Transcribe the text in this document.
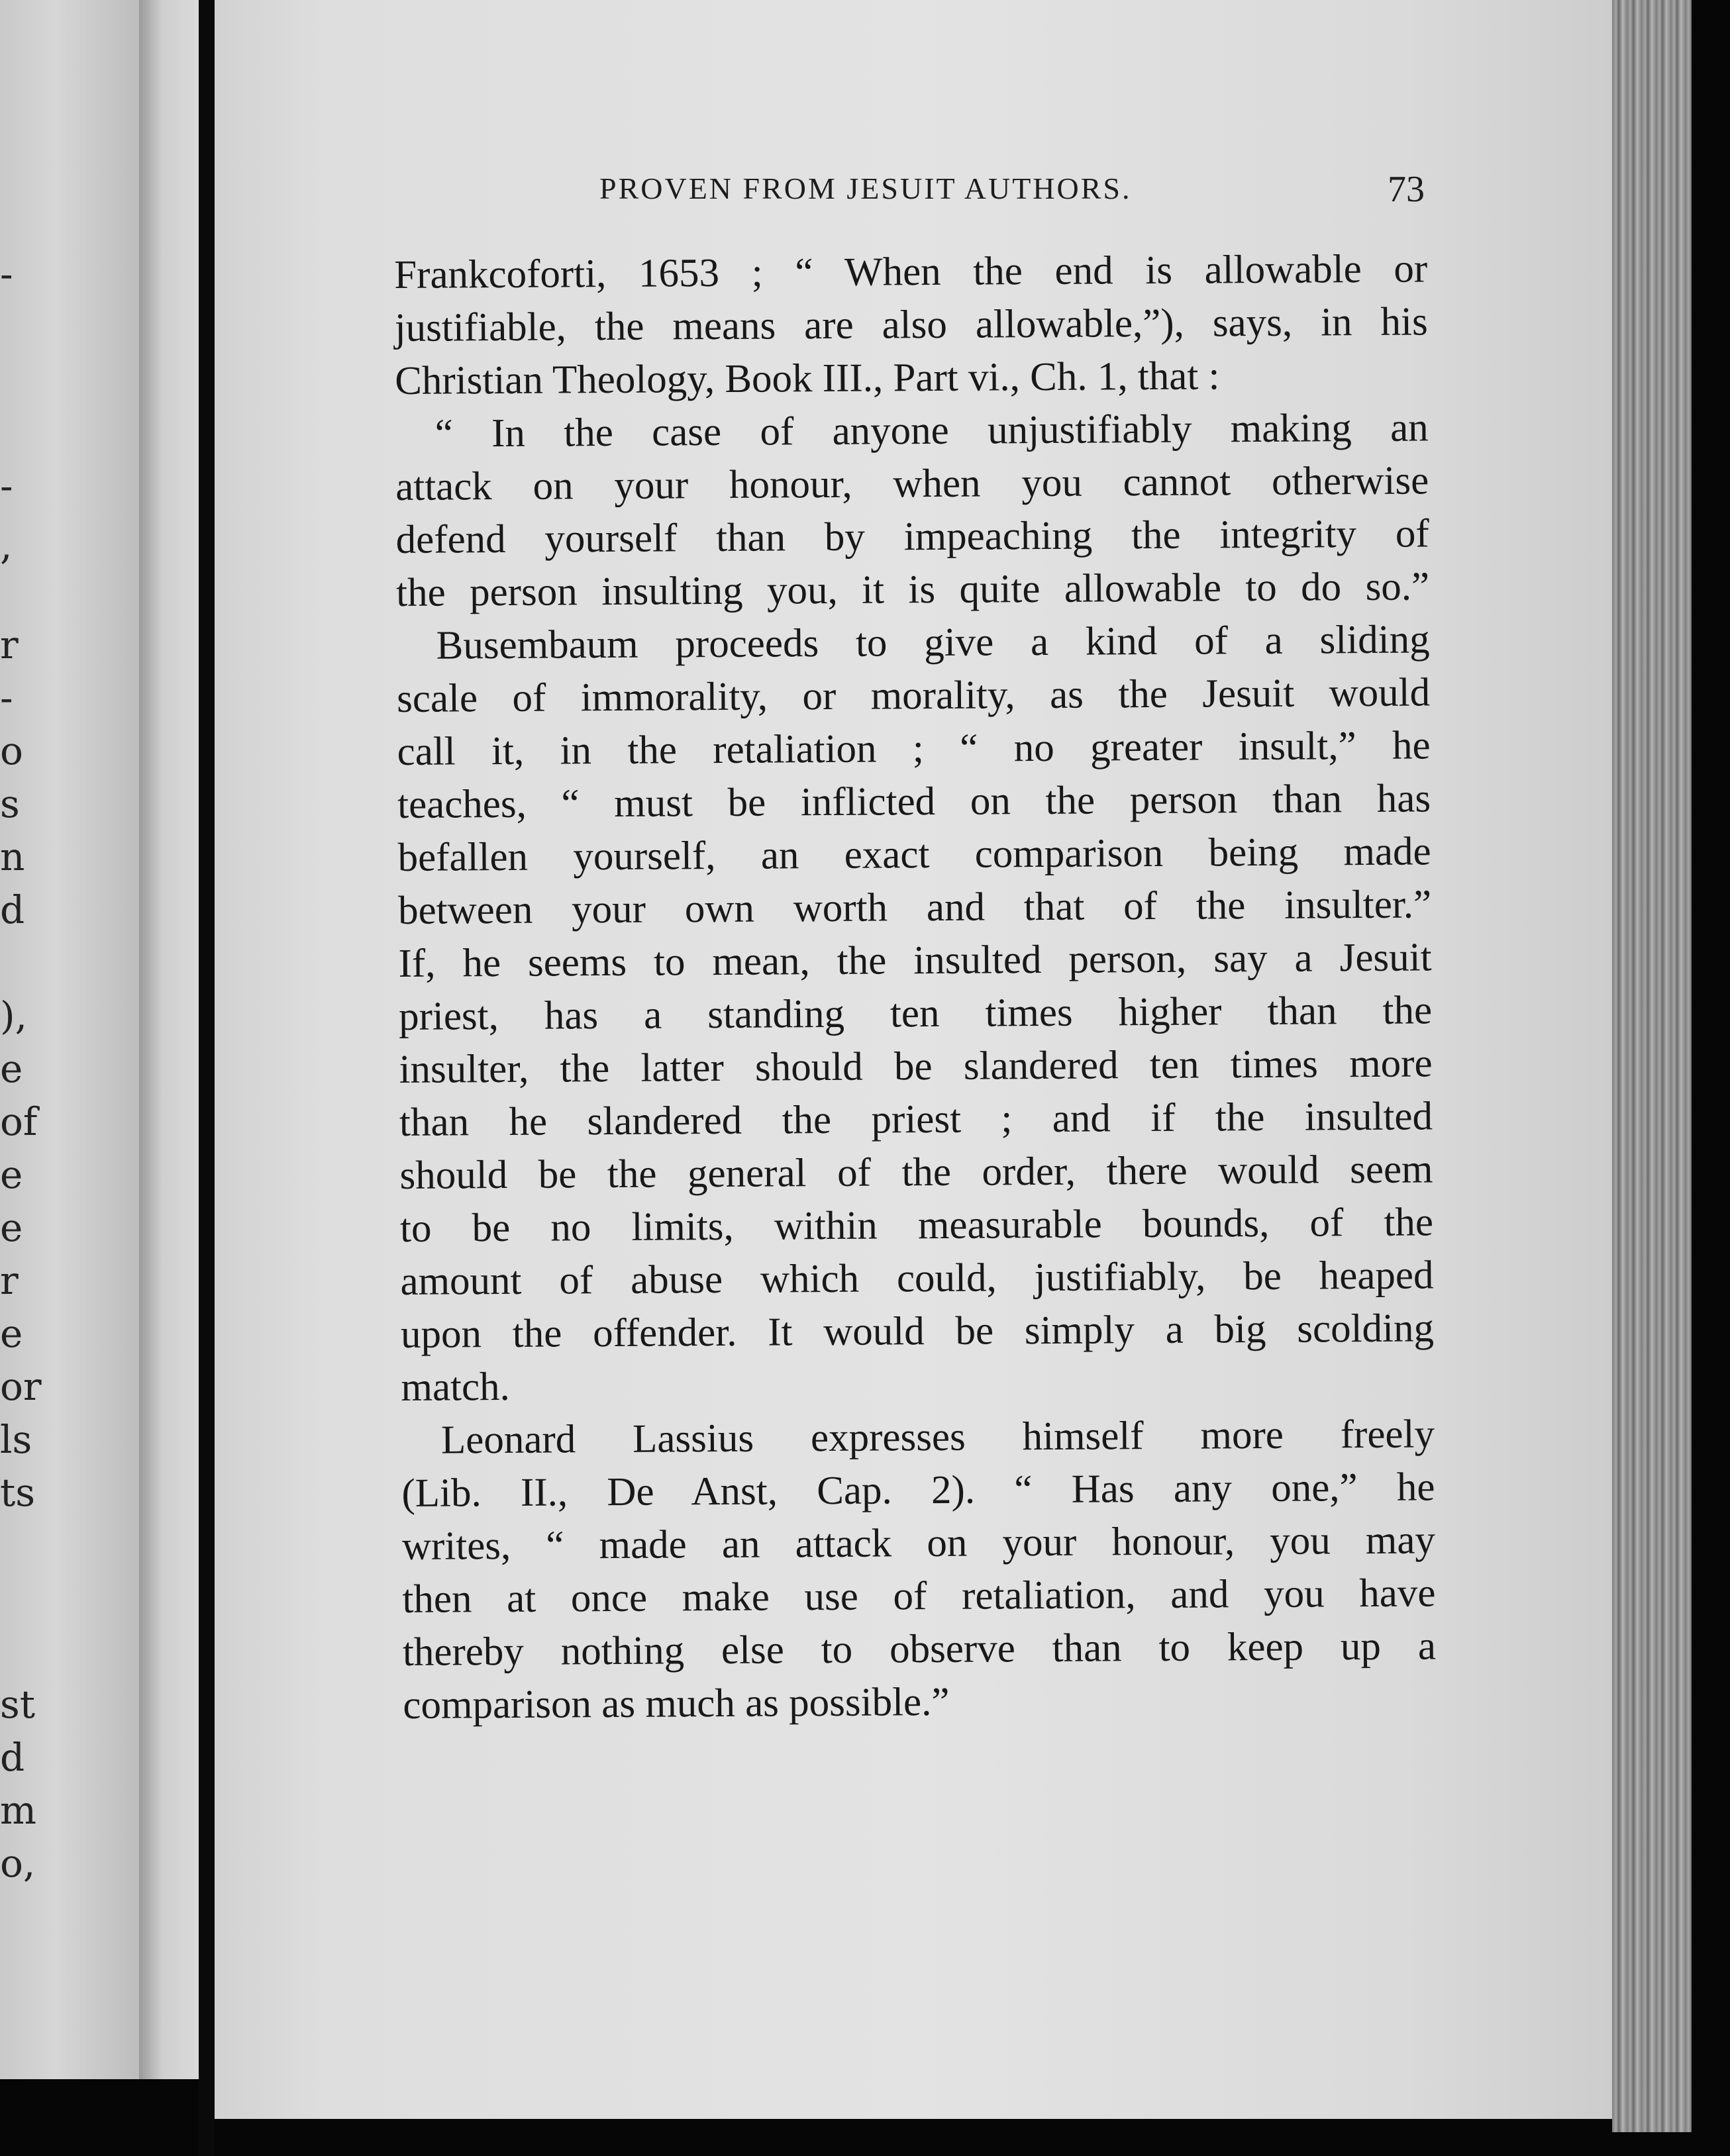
-
-
,
r
-
o
s
n
d
),
e
of
e
e
r
e
or
ls
ts
st
d
m
o,
PROVEN FROM JESUIT AUTHORS.	73

Frankcoforti, 1653 ; “ When the end is allowable or
justifiable, the means are also allowable,”), says, in his
Christian Theology, Book III., Part vi., Ch. 1, that :

“ In the case of anyone unjustifiably making an
attack on your honour, when you cannot otherwise
defend yourself than by impeaching the integrity of
the person insulting you, it is quite allowable to do so.”

Busembaum proceeds to give a kind of a sliding
scale of immorality, or morality, as the Jesuit would
call it, in the retaliation ; “ no greater insult,” he
teaches, “ must be inflicted on the person than has
befallen yourself, an exact comparison being made
between your own worth and that of the insulter.”
If, he seems to mean, the insulted person, say a Jesuit
priest, has a standing ten times higher than the
insulter, the latter should be slandered ten times more
than he slandered the priest ; and if the insulted
should be the general of the order, there would seem
to be no limits, within measurable bounds, of the
amount of abuse which could, justifiably, be heaped
upon the offender. It would be simply a big scolding
match.

Leonard Lassius expresses himself more freely
(Lib. II., De Anst, Cap. 2). “ Has any one,” he
writes, “ made an attack on your honour, you may
then at once make use of retaliation, and you have
thereby nothing else to observe than to keep up a
comparison as much as possible.”
